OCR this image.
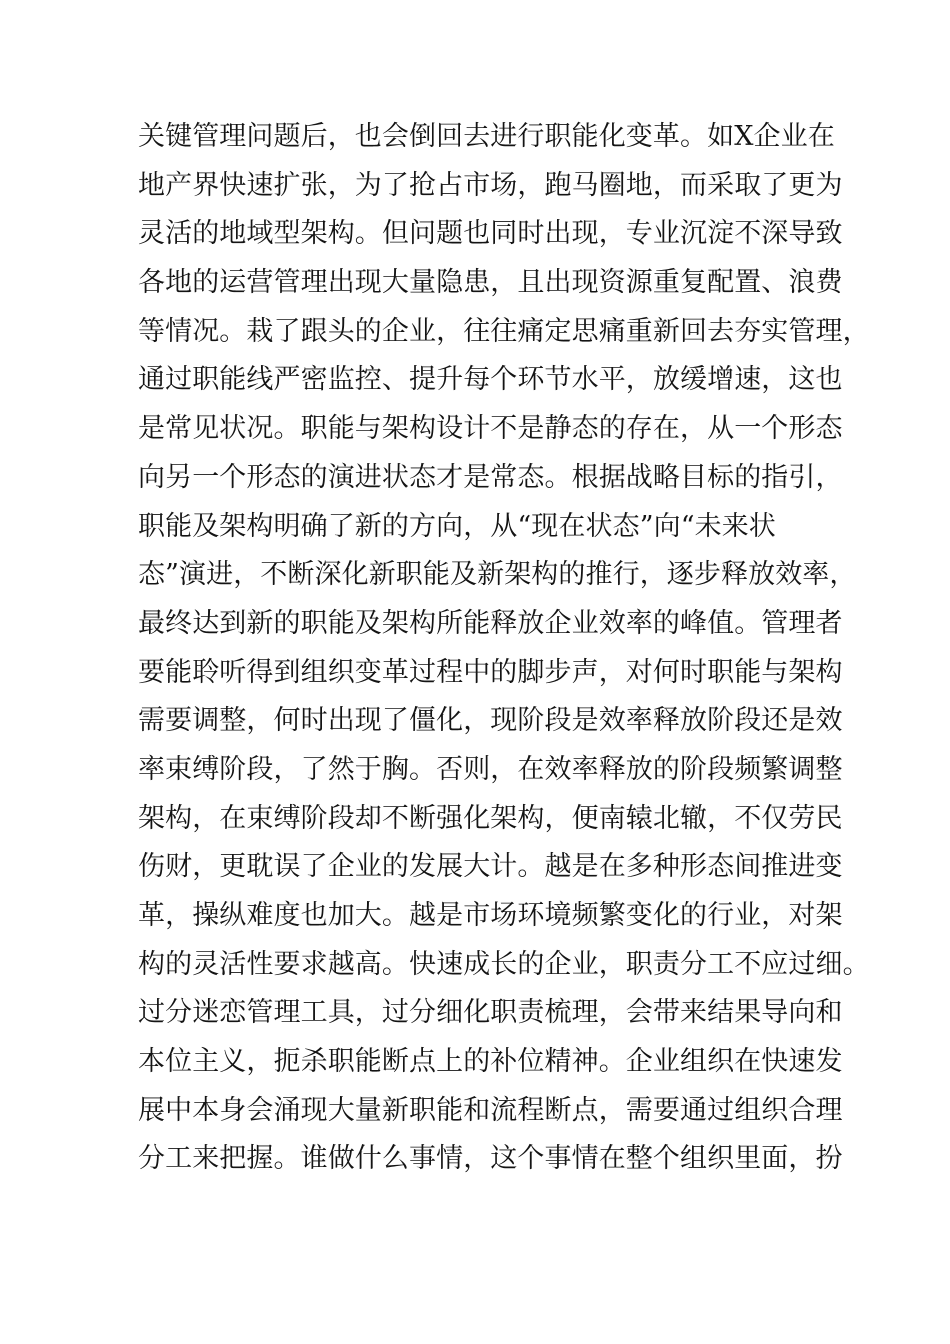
关键管理问题后，也会倒回去进行职能化变革。如X企业在
地产界快速扩张，为了抢占市场，跑马圈地，而采取了更为
灵活的地域型架构。但问题也同时出现，专业沉淀不深导致
各地的运营管理出现大量隐患，且出现资源重复配置、浪费
等情况。栽了跟头的企业，往往痛定思痛重新回去夯实管理，
通过职能线严密监控、提升每个环节水平，放缓增速，这也
是常见状况。职能与架构设计不是静态的存在，从一个形态
向另一个形态的演进状态才是常态。根据战略目标的指引，
职能及架构明确了新的方向，从“现在状态”向“未来状
态”演进，不断深化新职能及新架构的推行，逐步释放效率，
最终达到新的职能及架构所能释放企业效率的峰值。管理者
要能聆听得到组织变革过程中的脚步声，对何时职能与架构
需要调整，何时出现了僵化，现阶段是效率释放阶段还是效
率束缚阶段，了然于胸。否则，在效率释放的阶段频繁调整
架构，在束缚阶段却不断强化架构，便南辕北辙，不仅劳民
伤财，更耽误了企业的发展大计。越是在多种形态间推进变
革，操纵难度也加大。越是市场环境频繁变化的行业，对架
构的灵活性要求越高。快速成长的企业，职责分工不应过细。
过分迷恋管理工具，过分细化职责梳理，会带来结果导向和
本位主义，扼杀职能断点上的补位精神。企业组织在快速发
展中本身会涌现大量新职能和流程断点，需要通过组织合理
分工来把握。谁做什么事情，这个事情在整个组织里面，扮
